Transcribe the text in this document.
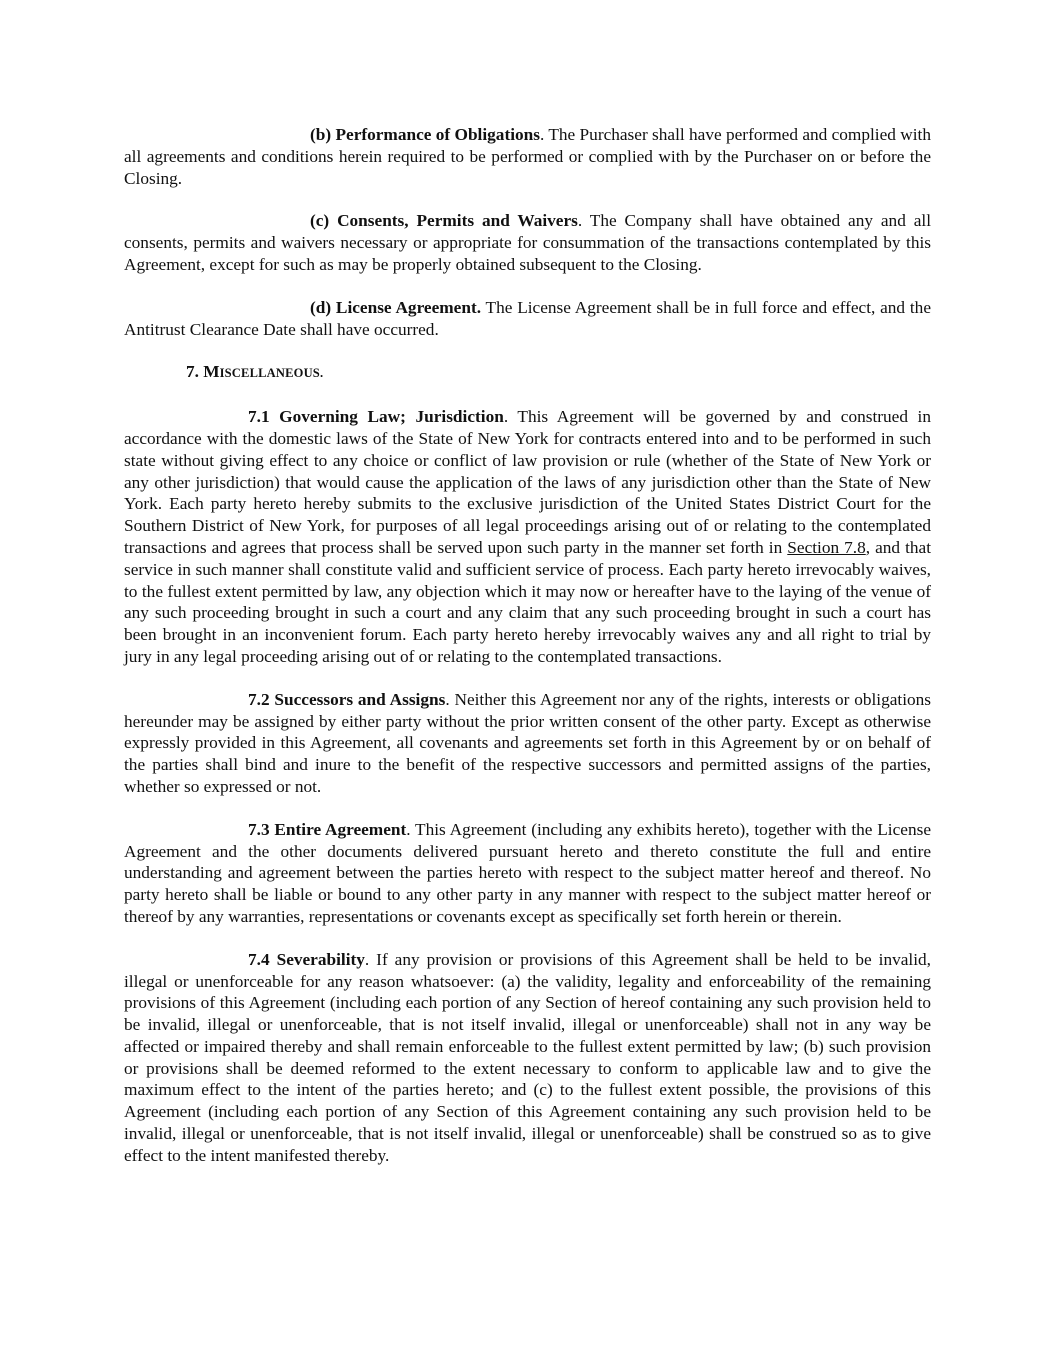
(b) Performance of Obligations. The Purchaser shall have performed and complied with all agreements and conditions herein required to be performed or complied with by the Purchaser on or before the Closing.

(c) Consents, Permits and Waivers. The Company shall have obtained any and all consents, permits and waivers necessary or appropriate for consummation of the transactions contemplated by this Agreement, except for such as may be properly obtained subsequent to the Closing.

(d) License Agreement. The License Agreement shall be in full force and effect, and the Antitrust Clearance Date shall have occurred.

7. MISCELLANEOUS.

7.1 Governing Law; Jurisdiction. This Agreement will be governed by and construed in accordance with the domestic laws of the State of New York for contracts entered into and to be performed in such state without giving effect to any choice or conflict of law provision or rule (whether of the State of New York or any other jurisdiction) that would cause the application of the laws of any jurisdiction other than the State of New York. Each party hereto hereby submits to the exclusive jurisdiction of the United States District Court for the Southern District of New York, for purposes of all legal proceedings arising out of or relating to the contemplated transactions and agrees that process shall be served upon such party in the manner set forth in Section 7.8, and that service in such manner shall constitute valid and sufficient service of process. Each party hereto irrevocably waives, to the fullest extent permitted by law, any objection which it may now or hereafter have to the laying of the venue of any such proceeding brought in such a court and any claim that any such proceeding brought in such a court has been brought in an inconvenient forum. Each party hereto hereby irrevocably waives any and all right to trial by jury in any legal proceeding arising out of or relating to the contemplated transactions.

7.2 Successors and Assigns. Neither this Agreement nor any of the rights, interests or obligations hereunder may be assigned by either party without the prior written consent of the other party. Except as otherwise expressly provided in this Agreement, all covenants and agreements set forth in this Agreement by or on behalf of the parties shall bind and inure to the benefit of the respective successors and permitted assigns of the parties, whether so expressed or not.

7.3 Entire Agreement. This Agreement (including any exhibits hereto), together with the License Agreement and the other documents delivered pursuant hereto and thereto constitute the full and entire understanding and agreement between the parties hereto with respect to the subject matter hereof and thereof. No party hereto shall be liable or bound to any other party in any manner with respect to the subject matter hereof or thereof by any warranties, representations or covenants except as specifically set forth herein or therein.

7.4 Severability. If any provision or provisions of this Agreement shall be held to be invalid, illegal or unenforceable for any reason whatsoever: (a) the validity, legality and enforceability of the remaining provisions of this Agreement (including each portion of any Section of hereof containing any such provision held to be invalid, illegal or unenforceable, that is not itself invalid, illegal or unenforceable) shall not in any way be affected or impaired thereby and shall remain enforceable to the fullest extent permitted by law; (b) such provision or provisions shall be deemed reformed to the extent necessary to conform to applicable law and to give the maximum effect to the intent of the parties hereto; and (c) to the fullest extent possible, the provisions of this Agreement (including each portion of any Section of this Agreement containing any such provision held to be invalid, illegal or unenforceable, that is not itself invalid, illegal or unenforceable) shall be construed so as to give effect to the intent manifested thereby.
